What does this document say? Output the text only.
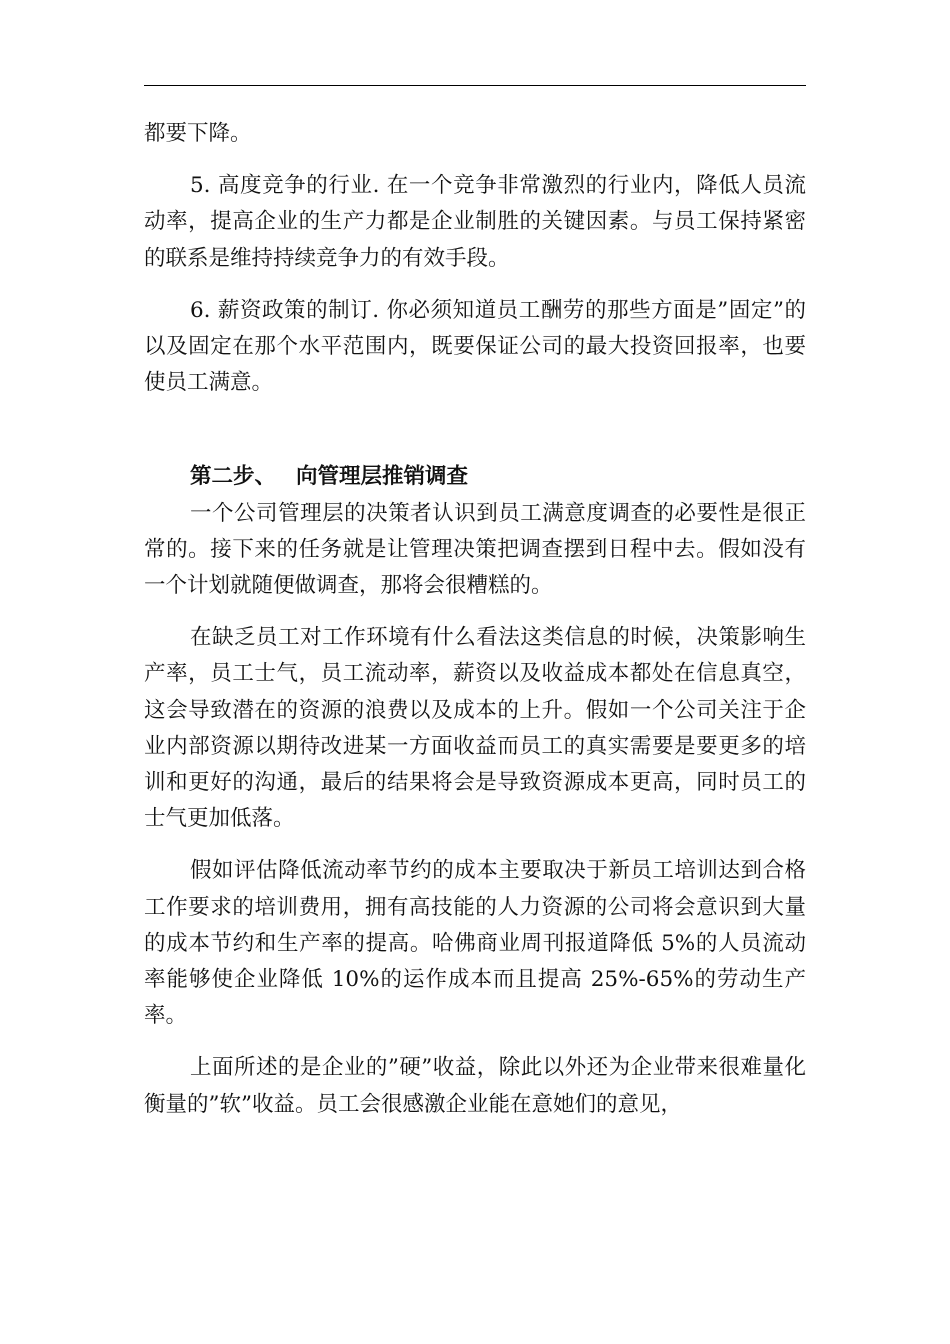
都要下降。

5. 高度竞争的行业. 在一个竞争非常激烈的行业内，降低人员流动率，提高企业的生产力都是企业制胜的关键因素。与员工保持紧密的联系是维持持续竞争力的有效手段。

6. 薪资政策的制订. 你必须知道员工酬劳的那些方面是”固定”的以及固定在那个水平范围内，既要保证公司的最大投资回报率，也要使员工满意。

第二步、 向管理层推销调查

一个公司管理层的决策者认识到员工满意度调查的必要性是很正常的。接下来的任务就是让管理决策把调查摆到日程中去。假如没有一个计划就随便做调查，那将会很糟糕的。

在缺乏员工对工作环境有什么看法这类信息的时候，决策影响生产率，员工士气，员工流动率，薪资以及收益成本都处在信息真空，这会导致潜在的资源的浪费以及成本的上升。假如一个公司关注于企业内部资源以期待改进某一方面收益而员工的真实需要是要更多的培训和更好的沟通，最后的结果将会是导致资源成本更高，同时员工的士气更加低落。

假如评估降低流动率节约的成本主要取决于新员工培训达到合格工作要求的培训费用，拥有高技能的人力资源的公司将会意识到大量的成本节约和生产率的提高。哈佛商业周刊报道降低 5%的人员流动率能够使企业降低 10%的运作成本而且提高 25%-65%的劳动生产率。

上面所述的是企业的”硬”收益，除此以外还为企业带来很难量化衡量的”软”收益。员工会很感激企业能在意她们的意见，
